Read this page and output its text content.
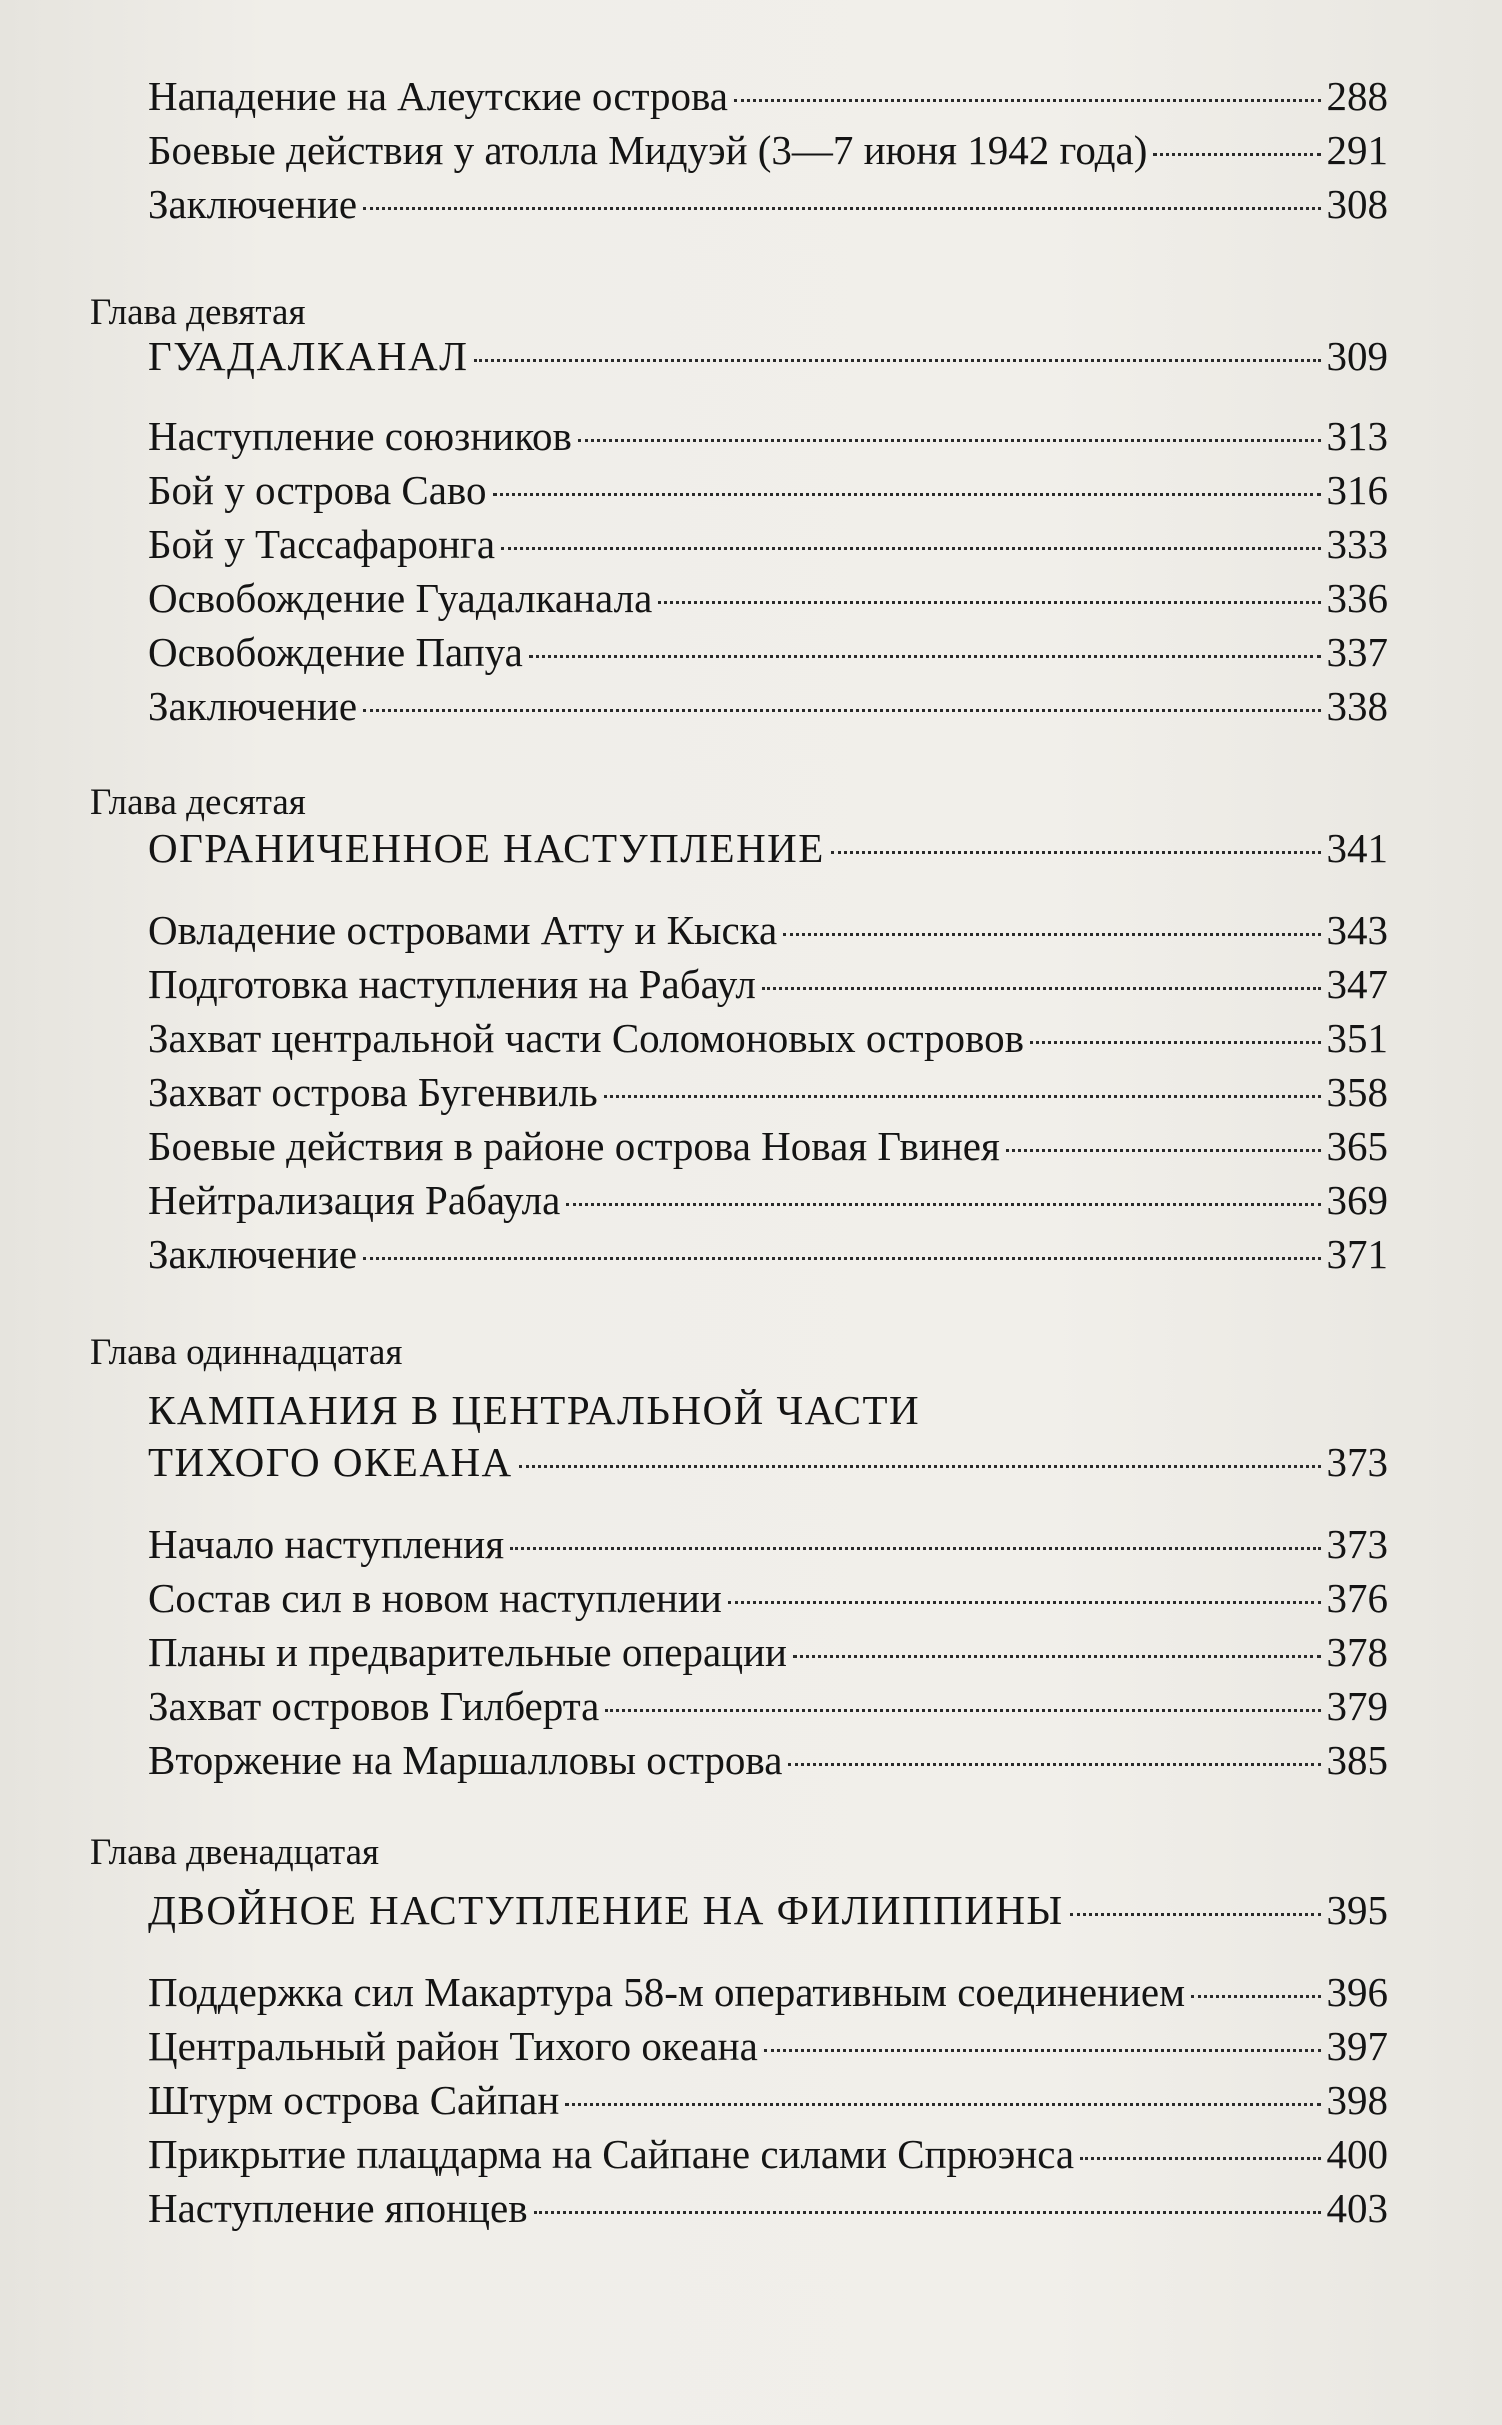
Нападение на Алеутские острова	288
Боевые действия у атолла Мидуэй (3—7 июня 1942 года)	291
Заключение	308
Глава девятая
ГУАДАЛКАНАЛ	309
Наступление союзников	313
Бой у острова Саво	316
Бой у Тассафаронга	333
Освобождение Гуадалканала	336
Освобождение Папуа	337
Заключение	338
Глава десятая
ОГРАНИЧЕННОЕ НАСТУПЛЕНИЕ	341
Овладение островами Атту и Кыска	343
Подготовка наступления на Рабаул	347
Захват центральной части Соломоновых островов	351
Захват острова Бугенвиль	358
Боевые действия в районе острова Новая Гвинея	365
Нейтрализация Рабаула	369
Заключение	371
Глава одиннадцатая
КАМПАНИЯ В ЦЕНТРАЛЬНОЙ ЧАСТИ
ТИХОГО ОКЕАНА	373
Начало наступления	373
Состав сил в новом наступлении	376
Планы и предварительные операции	378
Захват островов Гилберта	379
Вторжение на Маршалловы острова	385
Глава двенадцатая
ДВОЙНОЕ НАСТУПЛЕНИЕ НА ФИЛИППИНЫ	395
Поддержка сил Макартура 58-м оперативным соединением	396
Центральный район Тихого океана	397
Штурм острова Сайпан	398
Прикрытие плацдарма на Сайпане силами Спрюэнса	400
Наступление японцев	403
